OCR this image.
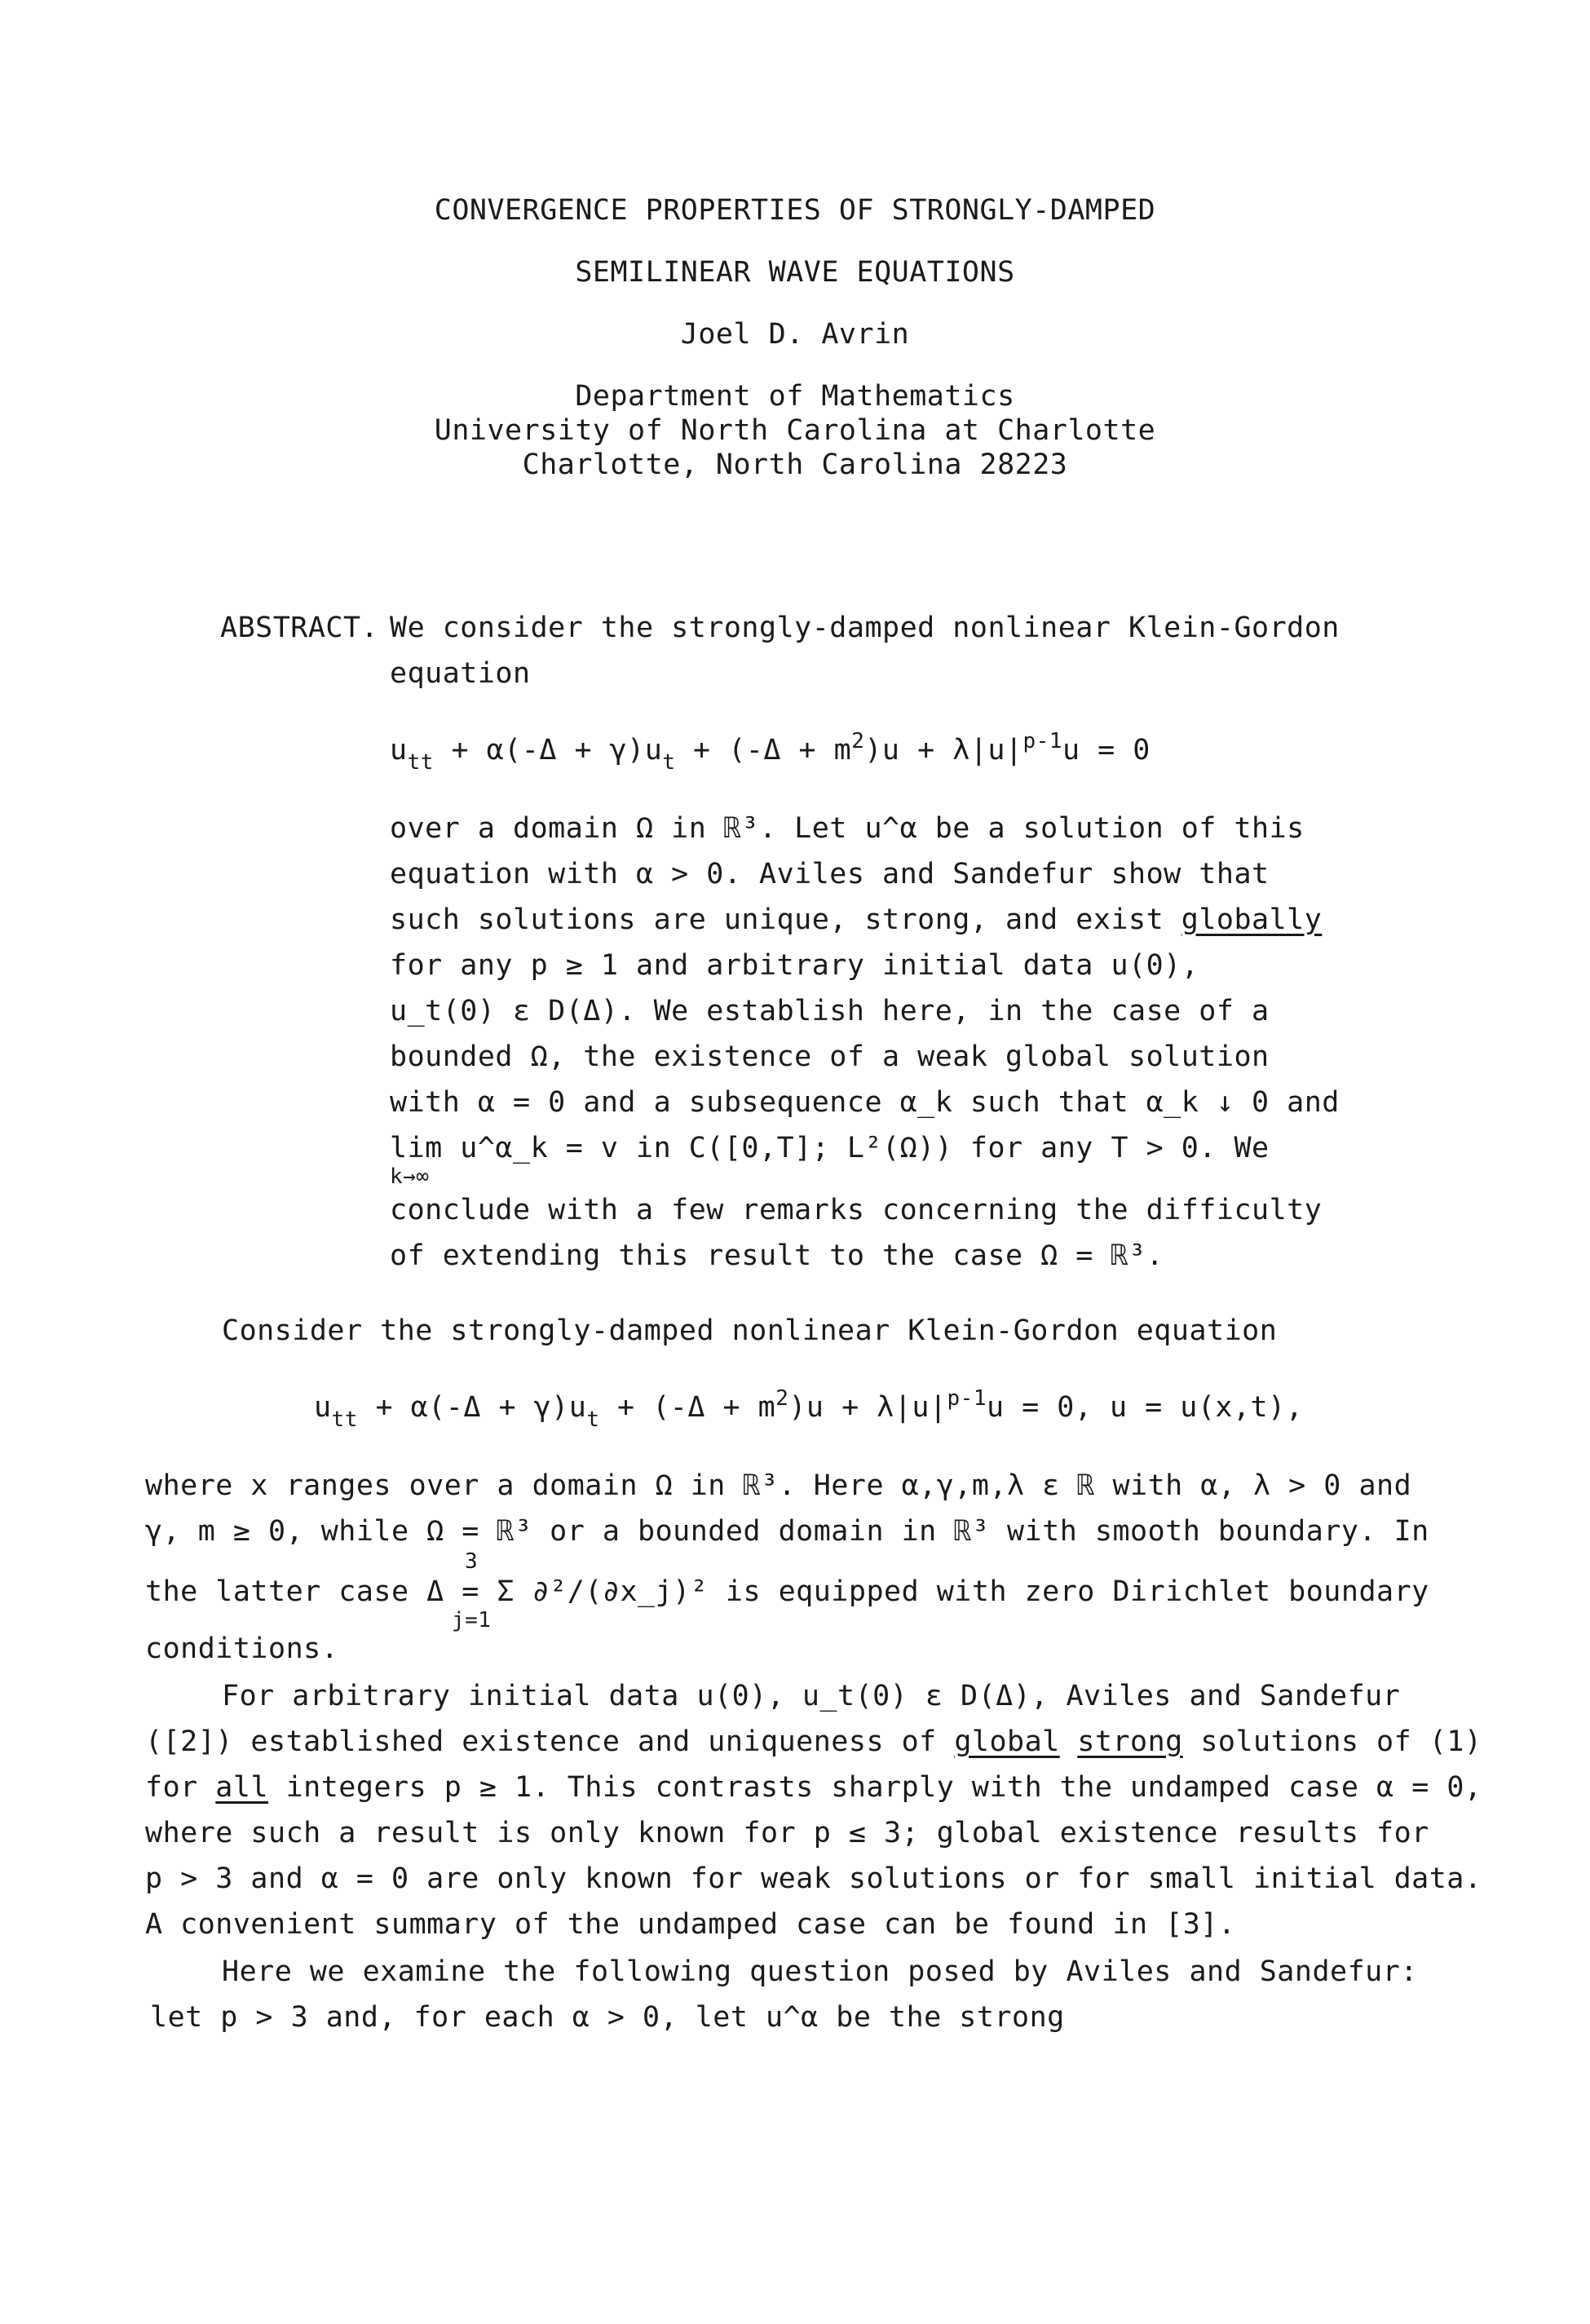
CONVERGENCE PROPERTIES OF STRONGLY-DAMPED
SEMILINEAR WAVE EQUATIONS
Joel D. Avrin
Department of Mathematics
University of North Carolina at Charlotte
Charlotte, North Carolina 28223
ABSTRACT. We consider the strongly-damped nonlinear Klein-Gordon
equation
$u_{tt} + \alpha(-\Delta + \gamma)u_t + (-\Delta + m^2)u + \lambda|u|^{p-1}u = 0$
over a domain Ω in ℝ³. Let u^α be a solution of this
equation with α > 0. Aviles and Sandefur show that
such solutions are unique, strong, and exist globally
for any p ≥ 1 and arbitrary initial data u(0),
u_t(0) ε D(Δ). We establish here, in the case of a
bounded Ω, the existence of a weak global solution
with α = 0 and a subsequence α_k such that α_k ↓ 0 and
lim u^α_k = v in C([0,T]; L²(Ω)) for any T > 0. We
k→∞
conclude with a few remarks concerning the difficulty
of extending this result to the case Ω = ℝ³.
Consider the strongly-damped nonlinear Klein-Gordon equation
$u_{tt} + \alpha(-\Delta + \gamma)u_t + (-\Delta + m^2)u + \lambda|u|^{p-1}u = 0$, u = u(x,t),
where x ranges over a domain Ω in ℝ³. Here α,γ,m,λ ε ℝ with α, λ > 0 and
γ, m ≥ 0, while Ω = ℝ³ or a bounded domain in ℝ³ with smooth boundary. In
3
the latter case Δ = Σ ∂²/(∂x_j)² is equipped with zero Dirichlet boundary
j=1
conditions.
For arbitrary initial data u(0), u_t(0) ε D(Δ), Aviles and Sandefur
([2]) established existence and uniqueness of global strong solutions of (1)
for all integers p ≥ 1. This contrasts sharply with the undamped case α = 0,
where such a result is only known for p ≤ 3; global existence results for
p > 3 and α = 0 are only known for weak solutions or for small initial data.
A convenient summary of the undamped case can be found in [3].
Here we examine the following question posed by Aviles and Sandefur:
let p > 3 and, for each α > 0, let u^α be the strong
